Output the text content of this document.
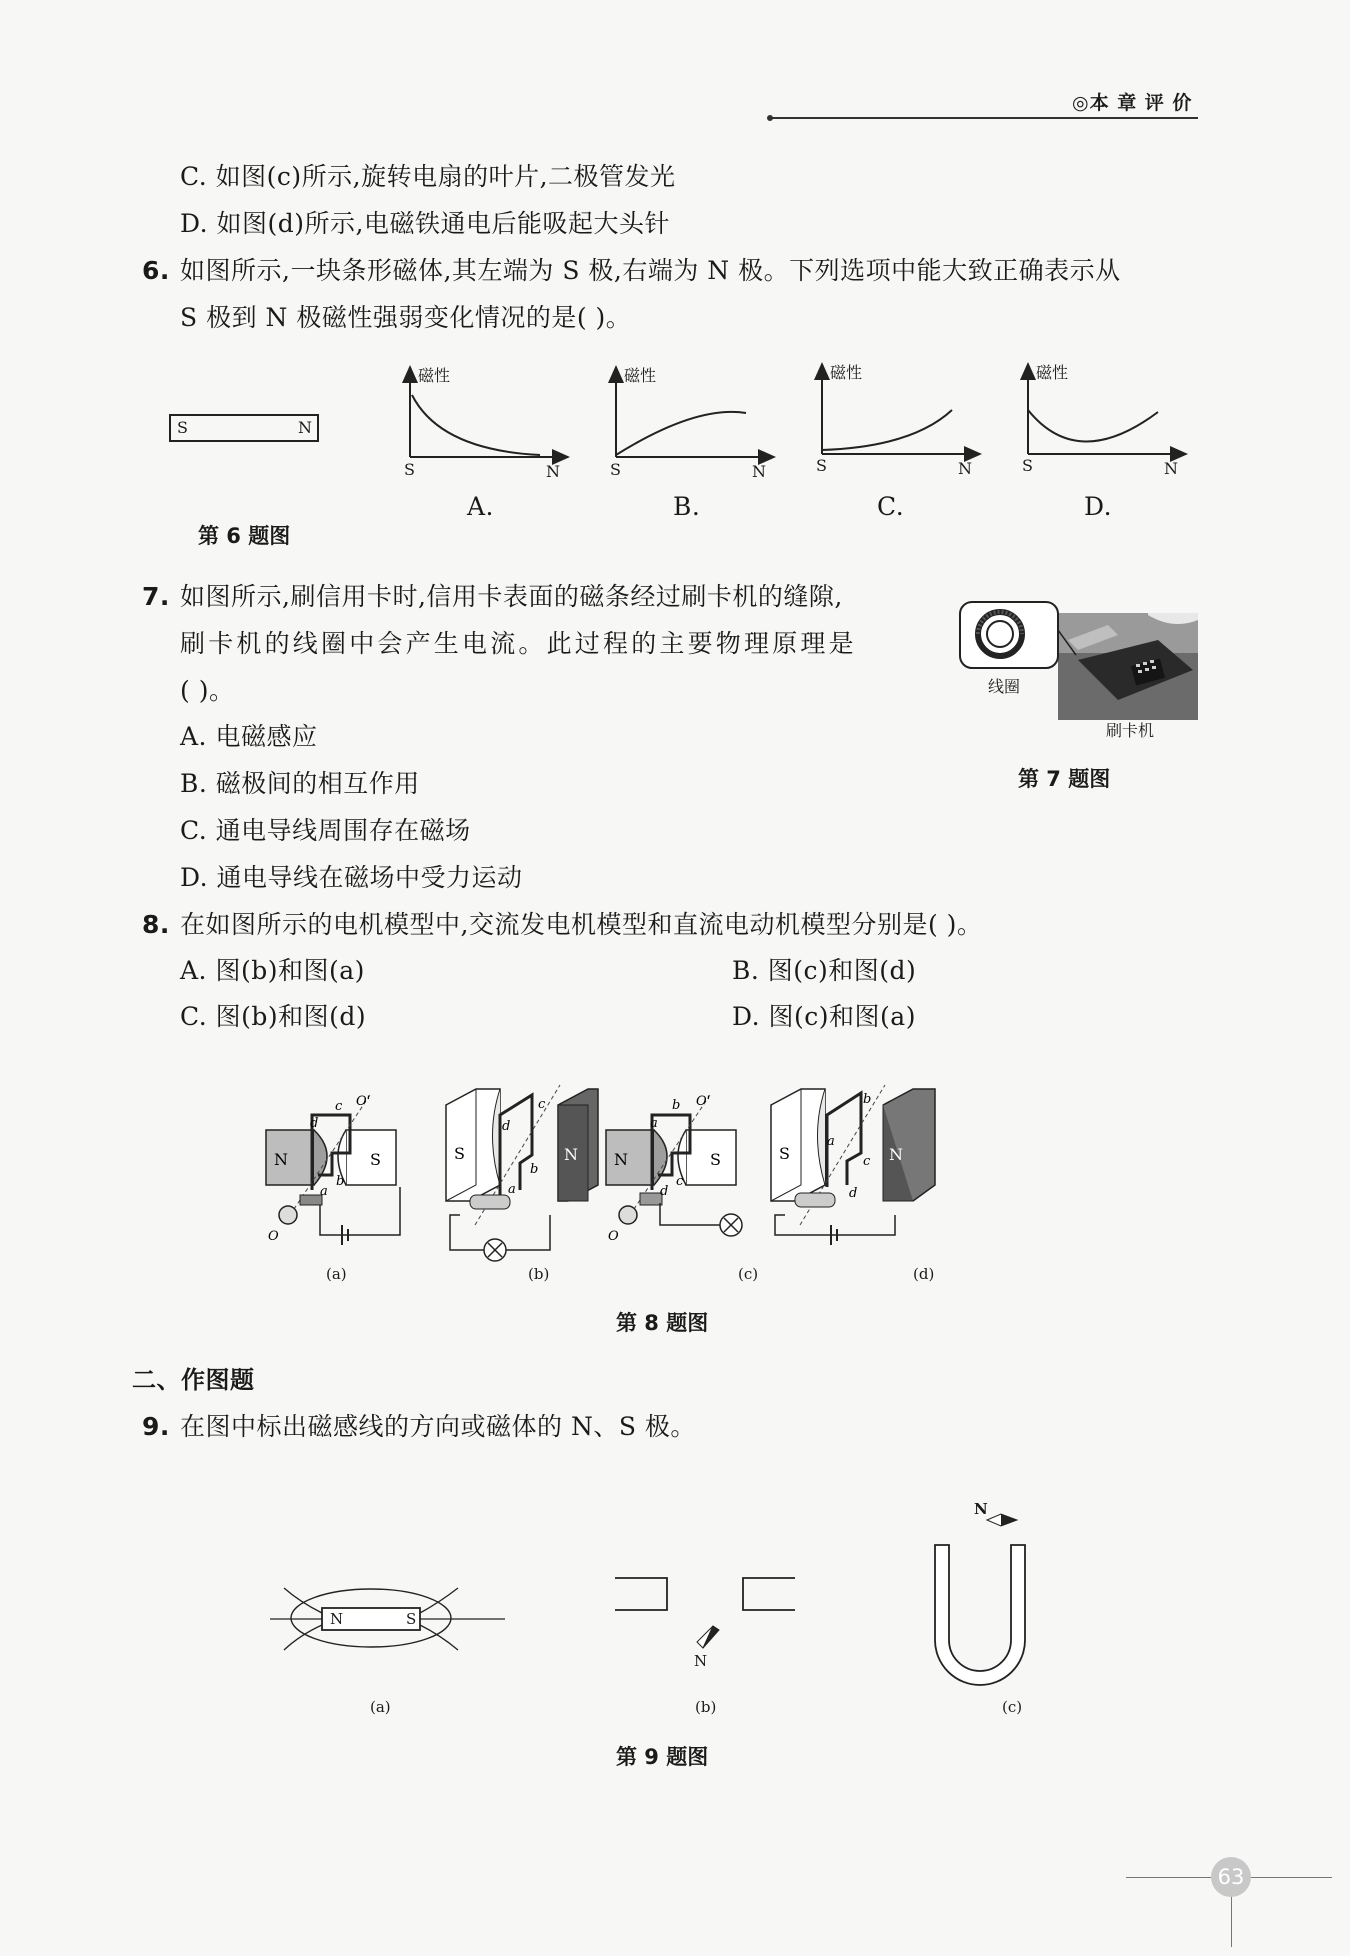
◎本 章 评 价
C. 如图(c)所示,旋转电扇的叶片,二极管发光
D. 如图(d)所示,电磁铁通电后能吸起大头针
6. 如图所示,一块条形磁体,其左端为 S 极,右端为 N 极。下列选项中能大致正确表示从
S 极到 N 极磁性强弱变化情况的是( )。
S	N
磁性
S	N
磁性
S	N
磁性
S	N
磁性
S	N
A.	B.	C.	D.
第 6 题图
7. 如图所示,刷信用卡时,信用卡表面的磁条经过刷卡机的缝隙,
刷卡机的线圈中会产生电流。此过程的主要物理原理是
( )。
A. 电磁感应
B. 磁极间的相互作用
C. 通电导线周围存在磁场
D. 通电导线在磁场中受力运动
线圈
刷卡机
第 7 题图
8. 在如图所示的电机模型中,交流发电机模型和直流电动机模型分别是( )。
A. 图(b)和图(a)	B. 图(c)和图(d)
C. 图(b)和图(d)	D. 图(c)和图(a)
N	S
c O'
d
b
a
O
S	N
d
c
b
a
N	S
b O'
a
c
d
O
S	N
a
b
c
d
(a)	(b)	(c)	(d)
第 8 题图
二、作图题
9. 在图中标出磁感线的方向或磁体的 N、S 极。
N	S
N
N
(a)	(b)	(c)
第 9 题图
63
